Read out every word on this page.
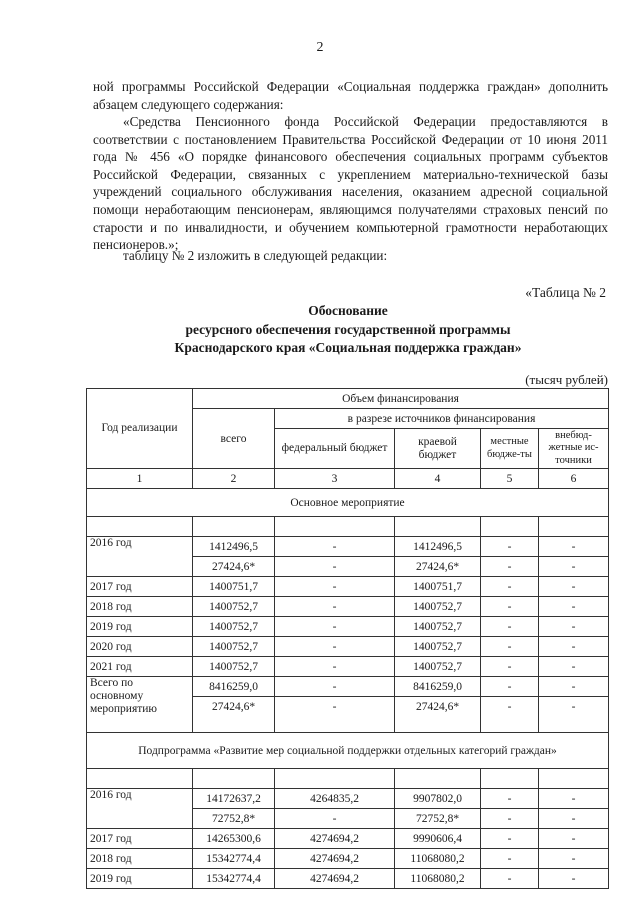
2
ной программы Российской Федерации «Социальная поддержка граждан» дополнить абзацем следующего содержания:
«Средства Пенсионного фонда Российской Федерации предоставляются в соответствии с постановлением Правительства Российской Федерации от 10 июня 2011 года № 456 «О порядке финансового обеспечения социальных программ субъектов Российской Федерации, связанных с укреплением материально-технической базы учреждений социального обслуживания населения, оказанием адресной социальной помощи неработающим пенсионерам, являющимся получателями страховых пенсий по старости и по инвалидности, и обучением компьютерной грамотности неработающих пенсионеров.»;
таблицу № 2 изложить в следующей редакции:
«Таблица № 2
Обоснование
ресурсного обеспечения государственной программы
Краснодарского края «Социальная поддержка граждан»
(тысяч рублей)
Год реализации	Объем финансирования				
	всего	в разрезе источников финансирования			
		федеральный бюджет	краевой бюджет	местные бюдже-ты	внебюд-жетные ис-точники
1	2	3	4	5	6
Основное мероприятие					

2016 год	1412496,5	-	1412496,5	-	-
	27424,6*	-	27424,6*	-	-
2017 год	1400751,7	-	1400751,7	-	-
2018 год	1400752,7	-	1400752,7	-	-
2019 год	1400752,7	-	1400752,7	-	-
2020 год	1400752,7	-	1400752,7	-	-
2021 год	1400752,7	-	1400752,7	-	-
Всего по основному мероприятию	8416259,0	-	8416259,0	-	-
	27424,6*	-	27424,6*	-	-
Подпрограмма «Развитие мер социальной поддержки отдельных категорий граждан»					

2016 год	14172637,2	4264835,2	9907802,0	-	-
	72752,8*	-	72752,8*	-	-
2017 год	14265300,6	4274694,2	9990606,4	-	-
2018 год	15342774,4	4274694,2	11068080,2	-	-
2019 год	15342774,4	4274694,2	11068080,2	-	-
